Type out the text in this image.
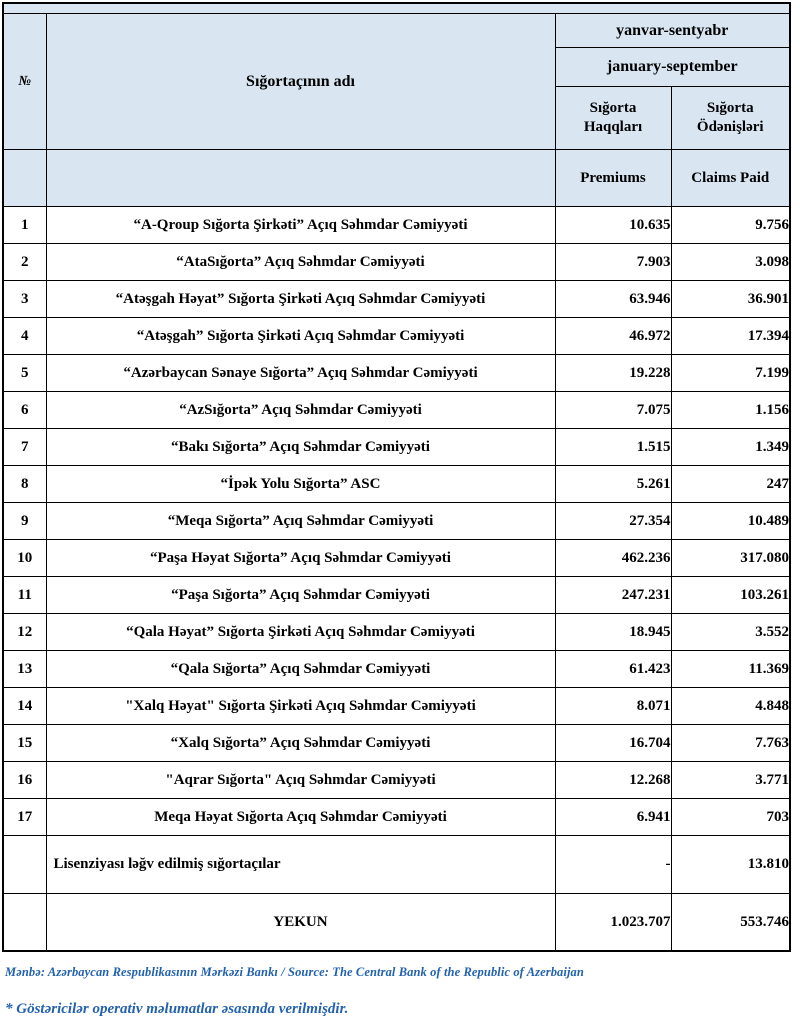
№	Sığortaçının adı	yanvar-sentyabr	
		january-september	
		Sığorta Haqqları	Sığorta Ödənişləri
		Premiums	Claims Paid
1	“A-Qroup Sığorta Şirkəti” Açıq Səhmdar Cəmiyyəti	10.635	9.756
2	“AtaSığorta” Açıq Səhmdar Cəmiyyəti	7.903	3.098
3	“Atəşgah Həyat” Sığorta Şirkəti Açıq Səhmdar Cəmiyyəti	63.946	36.901
4	“Atəşgah” Sığorta Şirkəti Açıq Səhmdar Cəmiyyəti	46.972	17.394
5	“Azərbaycan Sənaye Sığorta” Açıq Səhmdar Cəmiyyəti	19.228	7.199
6	“AzSığorta” Açıq Səhmdar Cəmiyyəti	7.075	1.156
7	“Bakı Sığorta” Açıq Səhmdar Cəmiyyəti	1.515	1.349
8	“İpək Yolu Sığorta” ASC	5.261	247
9	“Meqa Sığorta” Açıq Səhmdar Cəmiyyəti	27.354	10.489
10	“Paşa Həyat Sığorta” Açıq Səhmdar Cəmiyyəti	462.236	317.080
11	“Paşa Sığorta” Açıq Səhmdar Cəmiyyəti	247.231	103.261
12	“Qala Həyat” Sığorta Şirkəti Açıq Səhmdar Cəmiyyəti	18.945	3.552
13	“Qala Sığorta” Açıq Səhmdar Cəmiyyəti	61.423	11.369
14	"Xalq Həyat" Sığorta Şirkəti Açıq Səhmdar Cəmiyyəti	8.071	4.848
15	“Xalq Sığorta” Açıq Səhmdar Cəmiyyəti	16.704	7.763
16	"Aqrar Sığorta" Açıq Səhmdar Cəmiyyəti	12.268	3.771
17	Meqa Həyat Sığorta Açıq Səhmdar Cəmiyyəti	6.941	703
	Lisenziyası ləğv edilmiş sığortaçılar	-	13.810
	YEKUN	1.023.707	553.746
Mənbə: Azərbaycan Respublikasının Mərkəzi Bankı / Source: The Central Bank of the Republic of Azerbaijan
* Göstəricilər operativ məlumatlar əsasında verilmişdir.
